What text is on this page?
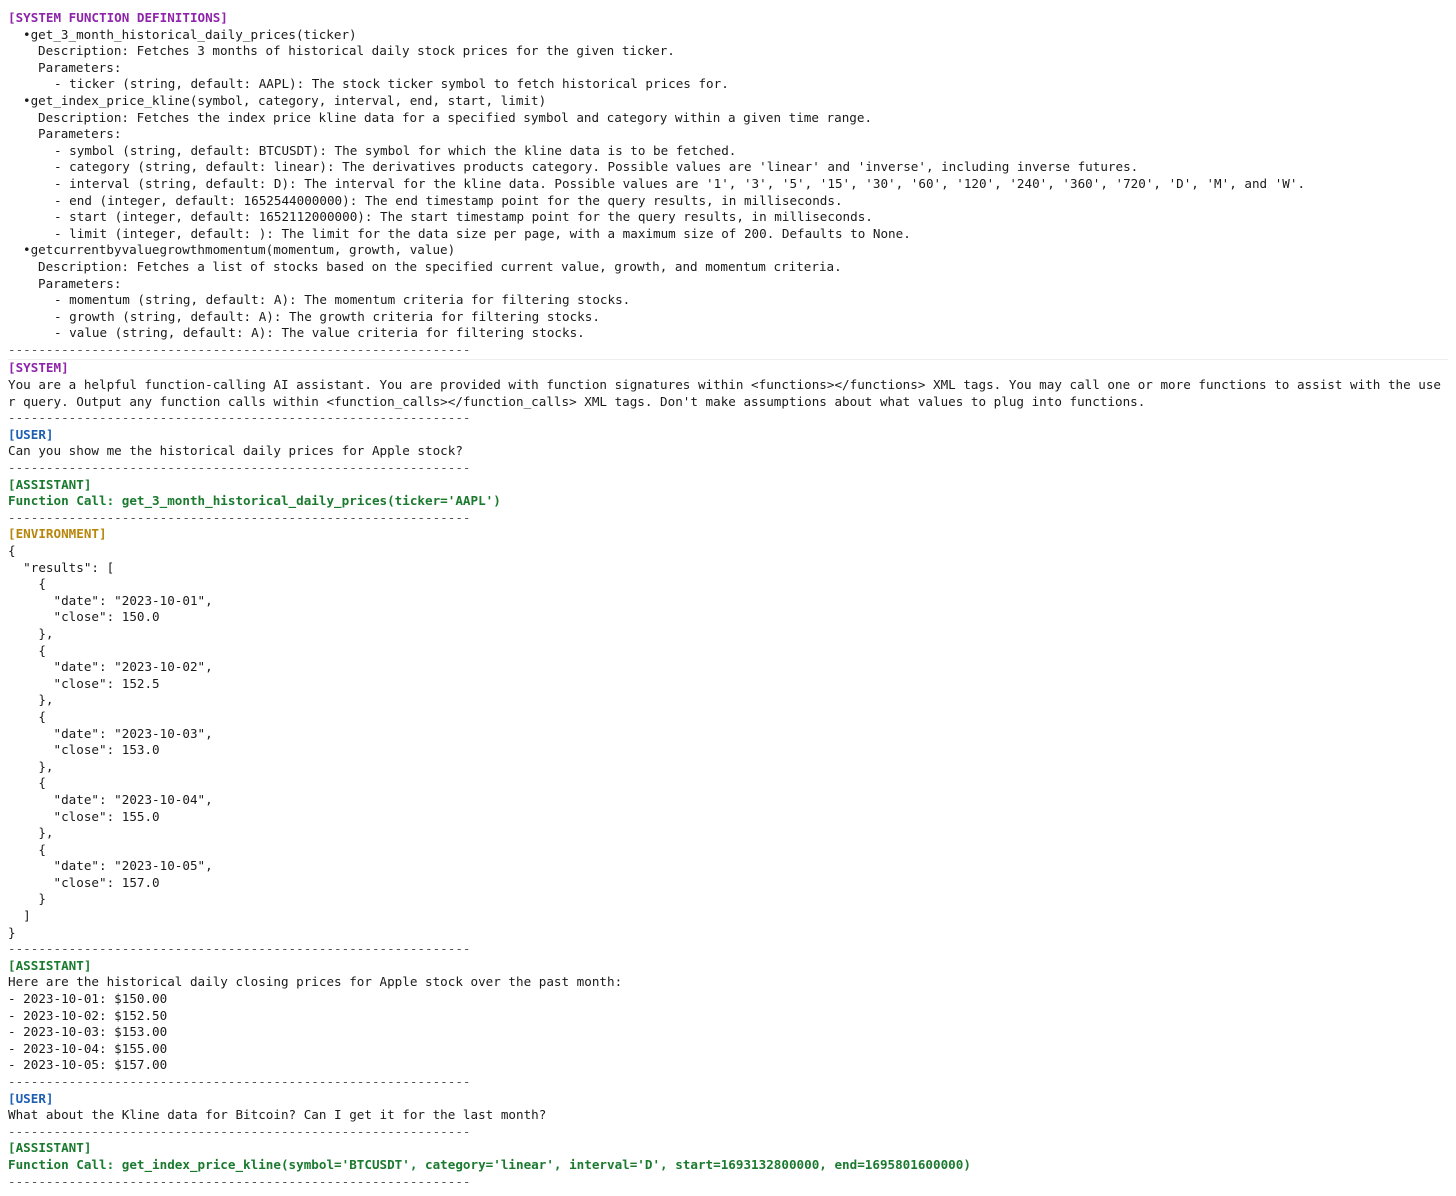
[SYSTEM FUNCTION DEFINITIONS]
• get_3_month_historical_daily_prices(ticker)
Description: Fetches 3 months of historical daily stock prices for the given ticker.
Parameters:
- ticker (string, default: AAPL): The stock ticker symbol to fetch historical prices for.
• get_index_price_kline(symbol, category, interval, end, start, limit)
Description: Fetches the index price kline data for a specified symbol and category within a given time range.
Parameters:
- symbol (string, default: BTCUSDT): The symbol for which the kline data is to be fetched.
- category (string, default: linear): The derivatives products category. Possible values are 'linear' and 'inverse', including inverse futures.
- interval (string, default: D): The interval for the kline data. Possible values are '1', '3', '5', '15', '30', '60', '120', '240', '360', '720', 'D', 'M', and 'W'.
- end (integer, default: 1652544000000): The end timestamp point for the query results, in milliseconds.
- start (integer, default: 1652112000000): The start timestamp point for the query results, in milliseconds.
- limit (integer, default: ): The limit for the data size per page, with a maximum size of 200. Defaults to None.
• getcurrentbyvaluegrowthmomentum(momentum, growth, value)
Description: Fetches a list of stocks based on the specified current value, growth, and momentum criteria.
Parameters:
- momentum (string, default: A): The momentum criteria for filtering stocks.
- growth (string, default: A): The growth criteria for filtering stocks.
- value (string, default: A): The value criteria for filtering stocks.
-------------------------------------------------------------
[SYSTEM]
You are a helpful function-calling AI assistant. You are provided with function signatures within <functions></functions> XML tags. You may call one or more functions to assist with the user query. Output any function calls within <function_calls></function_calls> XML tags. Don't make assumptions about what values to plug into functions.
-------------------------------------------------------------
[USER]
Can you show me the historical daily prices for Apple stock?
-------------------------------------------------------------
[ASSISTANT]
Function Call: get_3_month_historical_daily_prices(ticker='AAPL')
-------------------------------------------------------------
[ENVIRONMENT]
{
"results": [
{
"date": "2023-10-01",
"close": 150.0
},
{
"date": "2023-10-02",
"close": 152.5
},
{
"date": "2023-10-03",
"close": 153.0
},
{
"date": "2023-10-04",
"close": 155.0
},
{
"date": "2023-10-05",
"close": 157.0
}
]
}
-------------------------------------------------------------
[ASSISTANT]
Here are the historical daily closing prices for Apple stock over the past month:
- 2023-10-01: $150.00
- 2023-10-02: $152.50
- 2023-10-03: $153.00
- 2023-10-04: $155.00
- 2023-10-05: $157.00
-------------------------------------------------------------
[USER]
What about the Kline data for Bitcoin? Can I get it for the last month?
-------------------------------------------------------------
[ASSISTANT]
Function Call: get_index_price_kline(symbol='BTCUSDT', category='linear', interval='D', start=1693132800000, end=1695801600000)
-------------------------------------------------------------
